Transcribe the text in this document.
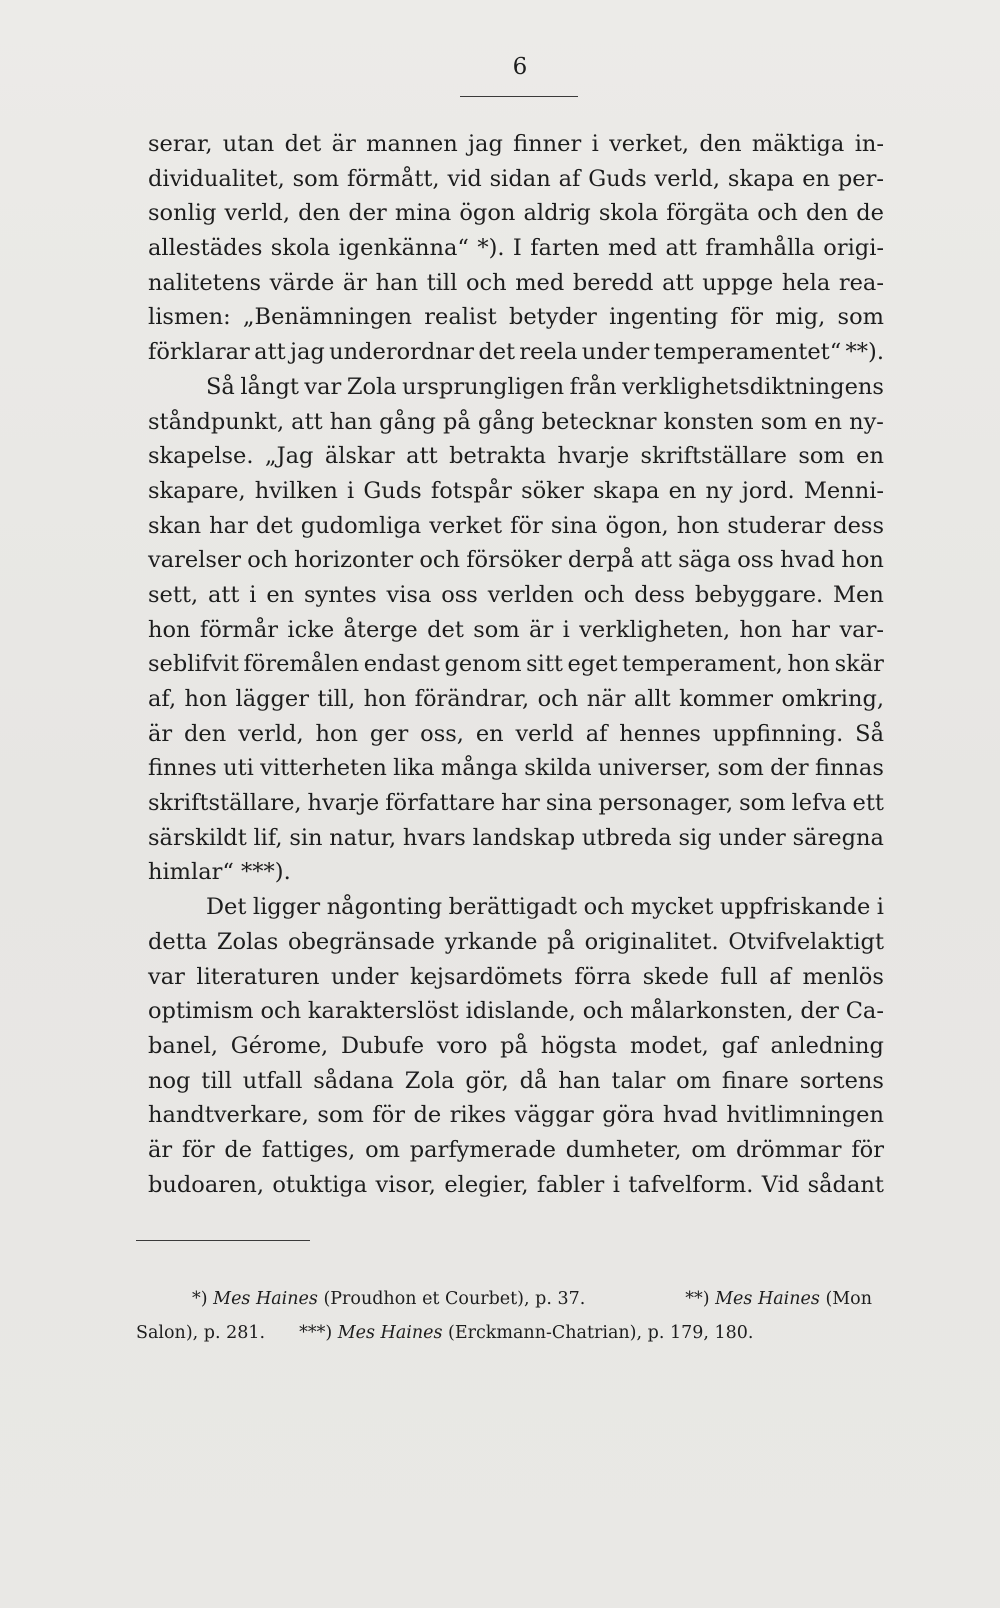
6
serar, utan det är mannen jag finner i verket, den mäktiga in-
dividualitet, som förmått, vid sidan af Guds verld, skapa en per-
sonlig verld, den der mina ögon aldrig skola förgäta och den de
allestädes skola igenkänna“ *). I farten med att framhålla origi-
nalitetens värde är han till och med beredd att uppge hela rea-
lismen: „Benämningen realist betyder ingenting för mig, som
förklarar att jag underordnar det reela under temperamentet“ **).
Så långt var Zola ursprungligen från verklighetsdiktningens
ståndpunkt, att han gång på gång betecknar konsten som en ny-
skapelse. „Jag älskar att betrakta hvarje skriftställare som en
skapare, hvilken i Guds fotspår söker skapa en ny jord. Menni-
skan har det gudomliga verket för sina ögon, hon studerar dess
varelser och horizonter och försöker derpå att säga oss hvad hon
sett, att i en syntes visa oss verlden och dess bebyggare. Men
hon förmår icke återge det som är i verkligheten, hon har var-
seblifvit föremålen endast genom sitt eget temperament, hon skär
af, hon lägger till, hon förändrar, och när allt kommer omkring,
är den verld, hon ger oss, en verld af hennes uppfinning. Så
finnes uti vitterheten lika många skilda universer, som der finnas
skriftställare, hvarje författare har sina personager, som lefva ett
särskildt lif, sin natur, hvars landskap utbreda sig under säregna
himlar“ ***).
Det ligger någonting berättigadt och mycket uppfriskande i
detta Zolas obegränsade yrkande på originalitet. Otvifvelaktigt
var literaturen under kejsardömets förra skede full af menlös
optimism och karakterslöst idislande, och målarkonsten, der Ca-
banel, Gérome, Dubufe voro på högsta modet, gaf anledning
nog till utfall sådana Zola gör, då han talar om finare sortens
handtverkare, som för de rikes väggar göra hvad hvitlimningen
är för de fattiges, om parfymerade dumheter, om drömmar för
budoaren, otuktiga visor, elegier, fabler i tafvelform. Vid sådant
*) Mes Haines (Proudhon et Courbet), p. 37.	**) Mes Haines (Mon
Salon), p. 281. ***) Mes Haines (Erckmann-Chatrian), p. 179, 180.
